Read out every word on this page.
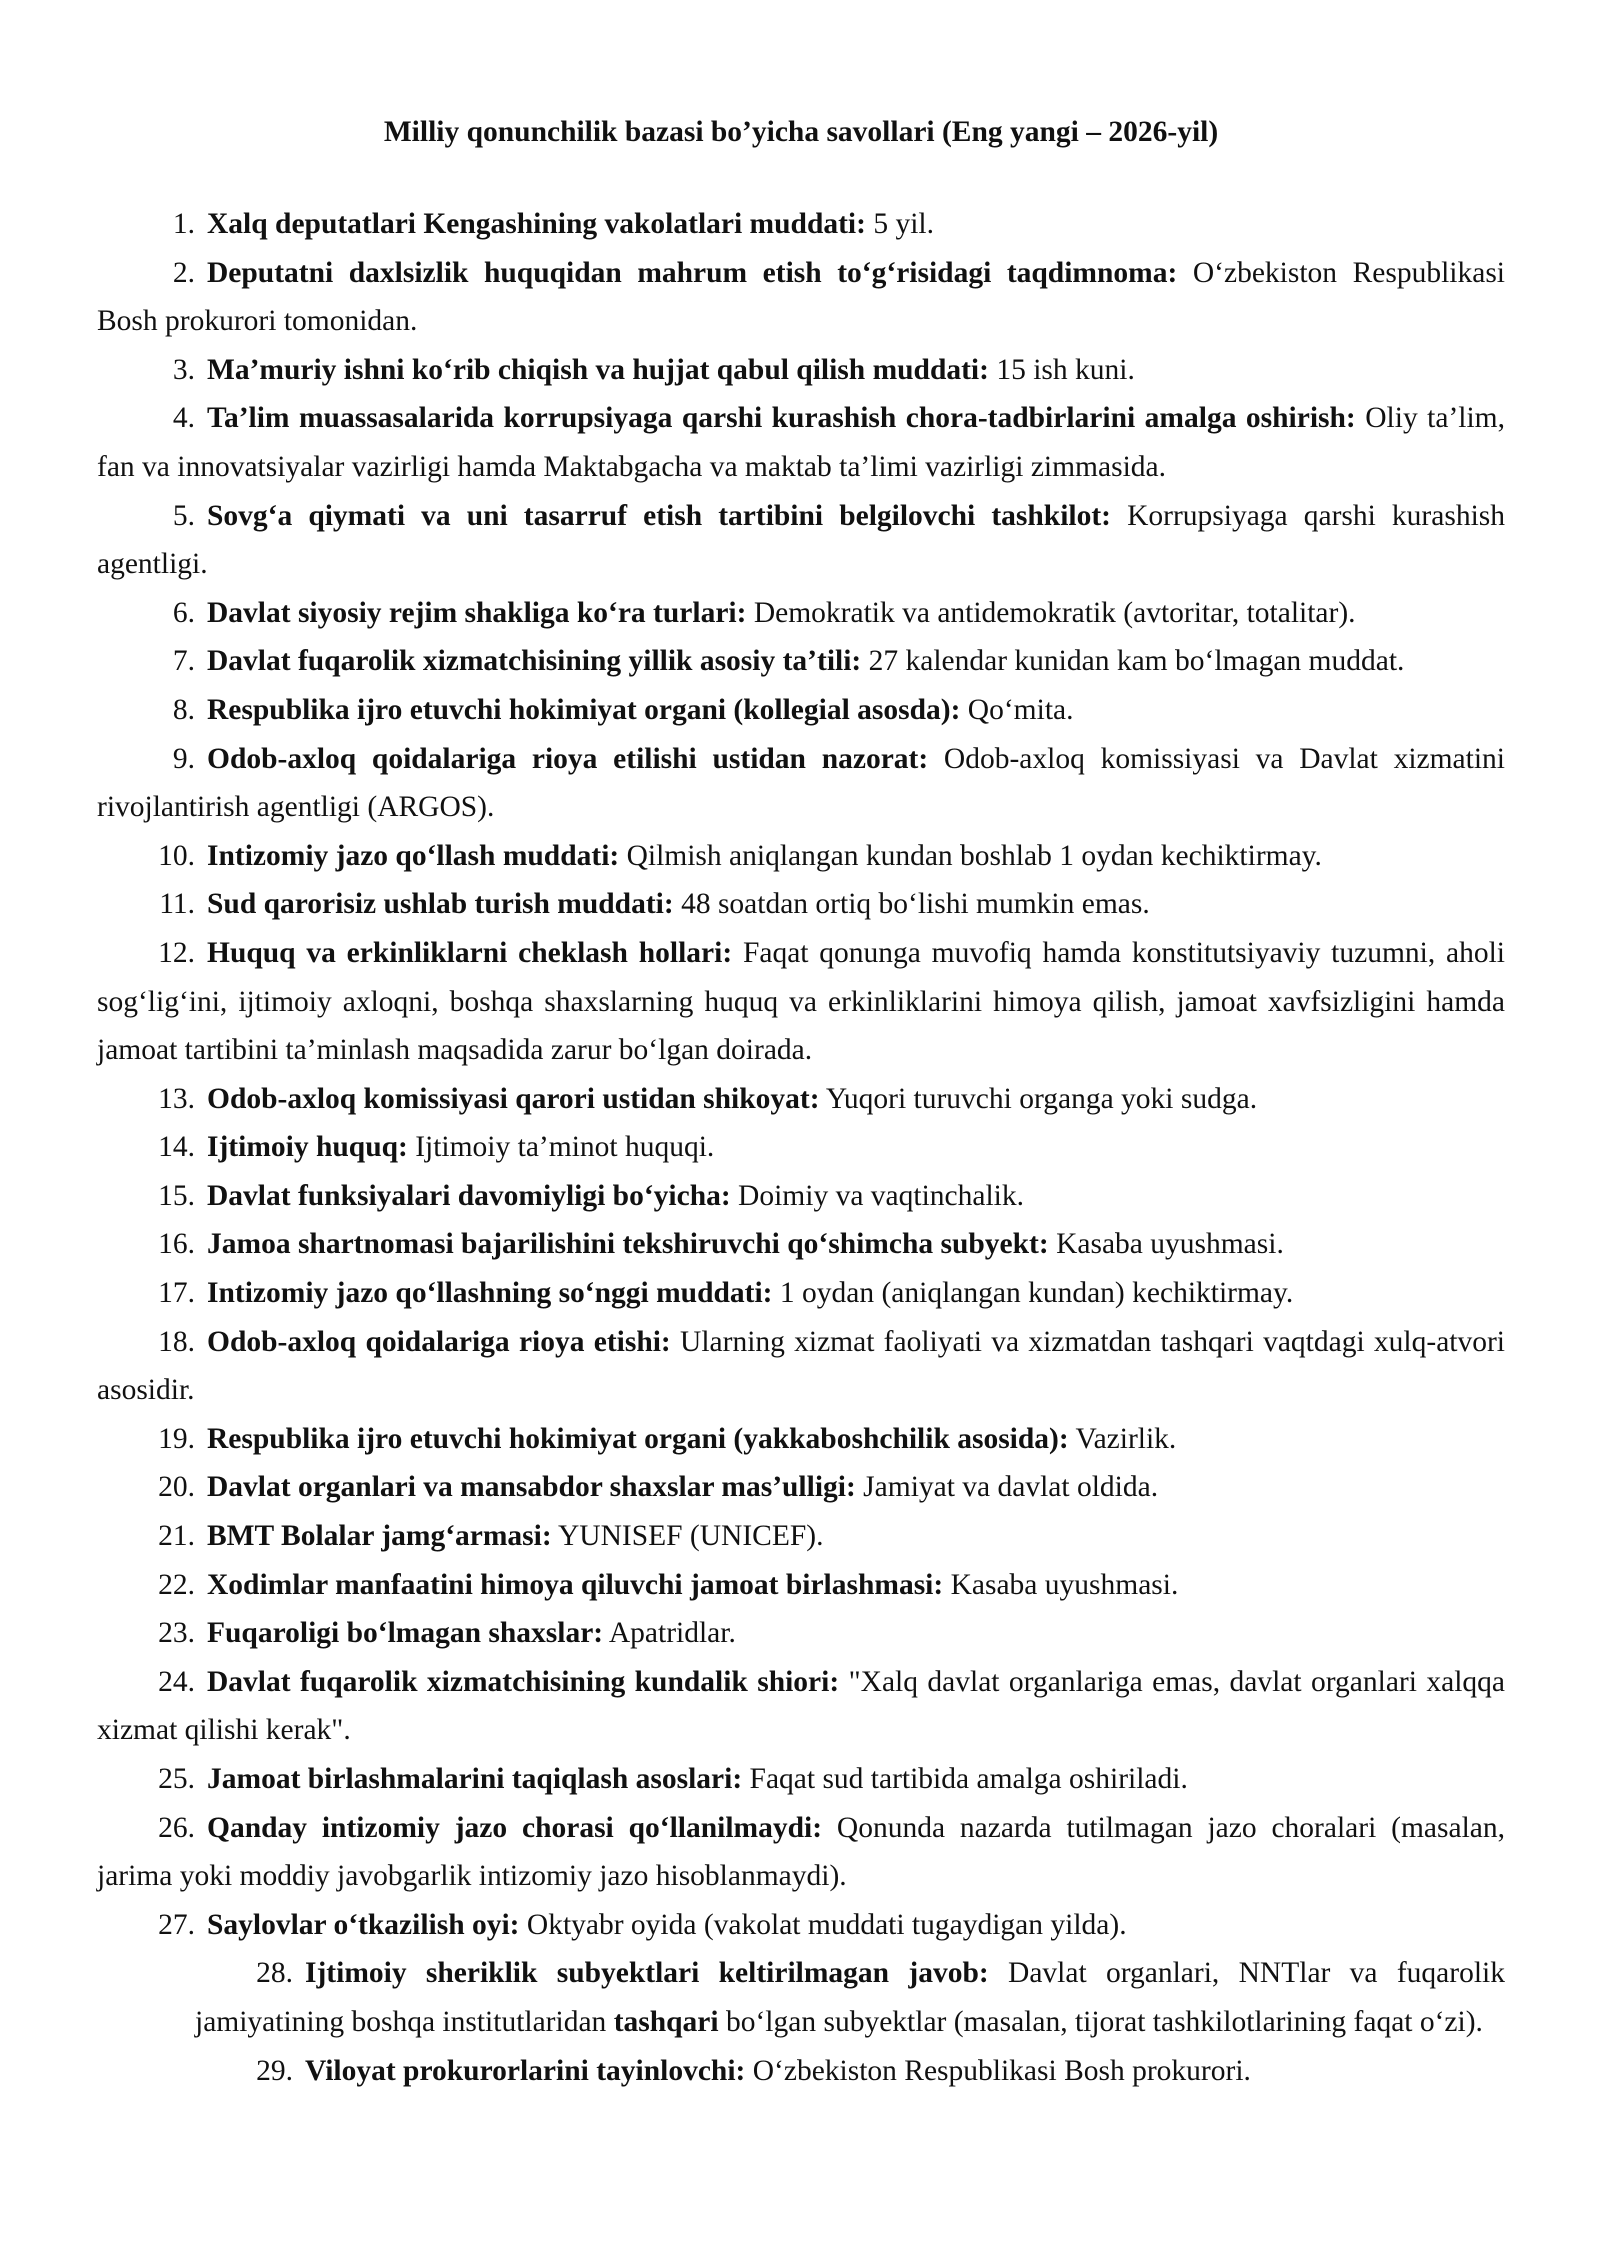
Milliy qonunchilik bazasi bo’yicha savollari (Eng yangi – 2026-yil)
1. Xalq deputatlari Kengashining vakolatlari muddati: 5 yil.
2. Deputatni daxlsizlik huquqidan mahrum etish to‘g‘risidagi taqdimnoma: O‘zbekiston Respublikasi Bosh prokurori tomonidan.
3. Ma’muriy ishni ko‘rib chiqish va hujjat qabul qilish muddati: 15 ish kuni.
4. Ta’lim muassasalarida korrupsiyaga qarshi kurashish chora-tadbirlarini amalga oshirish: Oliy ta’lim, fan va innovatsiyalar vazirligi hamda Maktabgacha va maktab ta’limi vazirligi zimmasida.
5. Sovg‘a qiymati va uni tasarruf etish tartibini belgilovchi tashkilot: Korrupsiyaga qarshi kurashish agentligi.
6. Davlat siyosiy rejim shakliga ko‘ra turlari: Demokratik va antidemokratik (avtoritar, totalitar).
7. Davlat fuqarolik xizmatchisining yillik asosiy ta’tili: 27 kalendar kunidan kam bo‘lmagan muddat.
8. Respublika ijro etuvchi hokimiyat organi (kollegial asosda): Qo‘mita.
9. Odob-axloq qoidalariga rioya etilishi ustidan nazorat: Odob-axloq komissiyasi va Davlat xizmatini rivojlantirish agentligi (ARGOS).
10. Intizomiy jazo qo‘llash muddati: Qilmish aniqlangan kundan boshlab 1 oydan kechiktirmay.
11. Sud qarorisiz ushlab turish muddati: 48 soatdan ortiq bo‘lishi mumkin emas.
12. Huquq va erkinliklarni cheklash hollari: Faqat qonunga muvofiq hamda konstitutsiyaviy tuzumni, aholi sog‘lig‘ini, ijtimoiy axloqni, boshqa shaxslarning huquq va erkinliklarini himoya qilish, jamoat xavfsizligini hamda jamoat tartibini ta’minlash maqsadida zarur bo‘lgan doirada.
13. Odob-axloq komissiyasi qarori ustidan shikoyat: Yuqori turuvchi organga yoki sudga.
14. Ijtimoiy huquq: Ijtimoiy ta’minot huquqi.
15. Davlat funksiyalari davomiyligi bo‘yicha: Doimiy va vaqtinchalik.
16. Jamoa shartnomasi bajarilishini tekshiruvchi qo‘shimcha subyekt: Kasaba uyushmasi.
17. Intizomiy jazo qo‘llashning so‘nggi muddati: 1 oydan (aniqlangan kundan) kechiktirmay.
18. Odob-axloq qoidalariga rioya etishi: Ularning xizmat faoliyati va xizmatdan tashqari vaqtdagi xulq-atvori asosidir.
19. Respublika ijro etuvchi hokimiyat organi (yakkaboshchilik asosida): Vazirlik.
20. Davlat organlari va mansabdor shaxslar mas’ulligi: Jamiyat va davlat oldida.
21. BMT Bolalar jamg‘armasi: YUNISEF (UNICEF).
22. Xodimlar manfaatini himoya qiluvchi jamoat birlashmasi: Kasaba uyushmasi.
23. Fuqaroligi bo‘lmagan shaxslar: Apatridlar.
24. Davlat fuqarolik xizmatchisining kundalik shiori: "Xalq davlat organlariga emas, davlat organlari xalqqa xizmat qilishi kerak".
25. Jamoat birlashmalarini taqiqlash asoslari: Faqat sud tartibida amalga oshiriladi.
26. Qanday intizomiy jazo chorasi qo‘llanilmaydi: Qonunda nazarda tutilmagan jazo choralari (masalan, jarima yoki moddiy javobgarlik intizomiy jazo hisoblanmaydi).
27. Saylovlar o‘tkazilish oyi: Oktyabr oyida (vakolat muddati tugaydigan yilda).
28. Ijtimoiy sheriklik subyektlari keltirilmagan javob: Davlat organlari, NNTlar va fuqarolik jamiyatining boshqa institutlaridan tashqari bo‘lgan subyektlar (masalan, tijorat tashkilotlarining faqat o‘zi).
29. Viloyat prokurorlarini tayinlovchi: O‘zbekiston Respublikasi Bosh prokurori.
